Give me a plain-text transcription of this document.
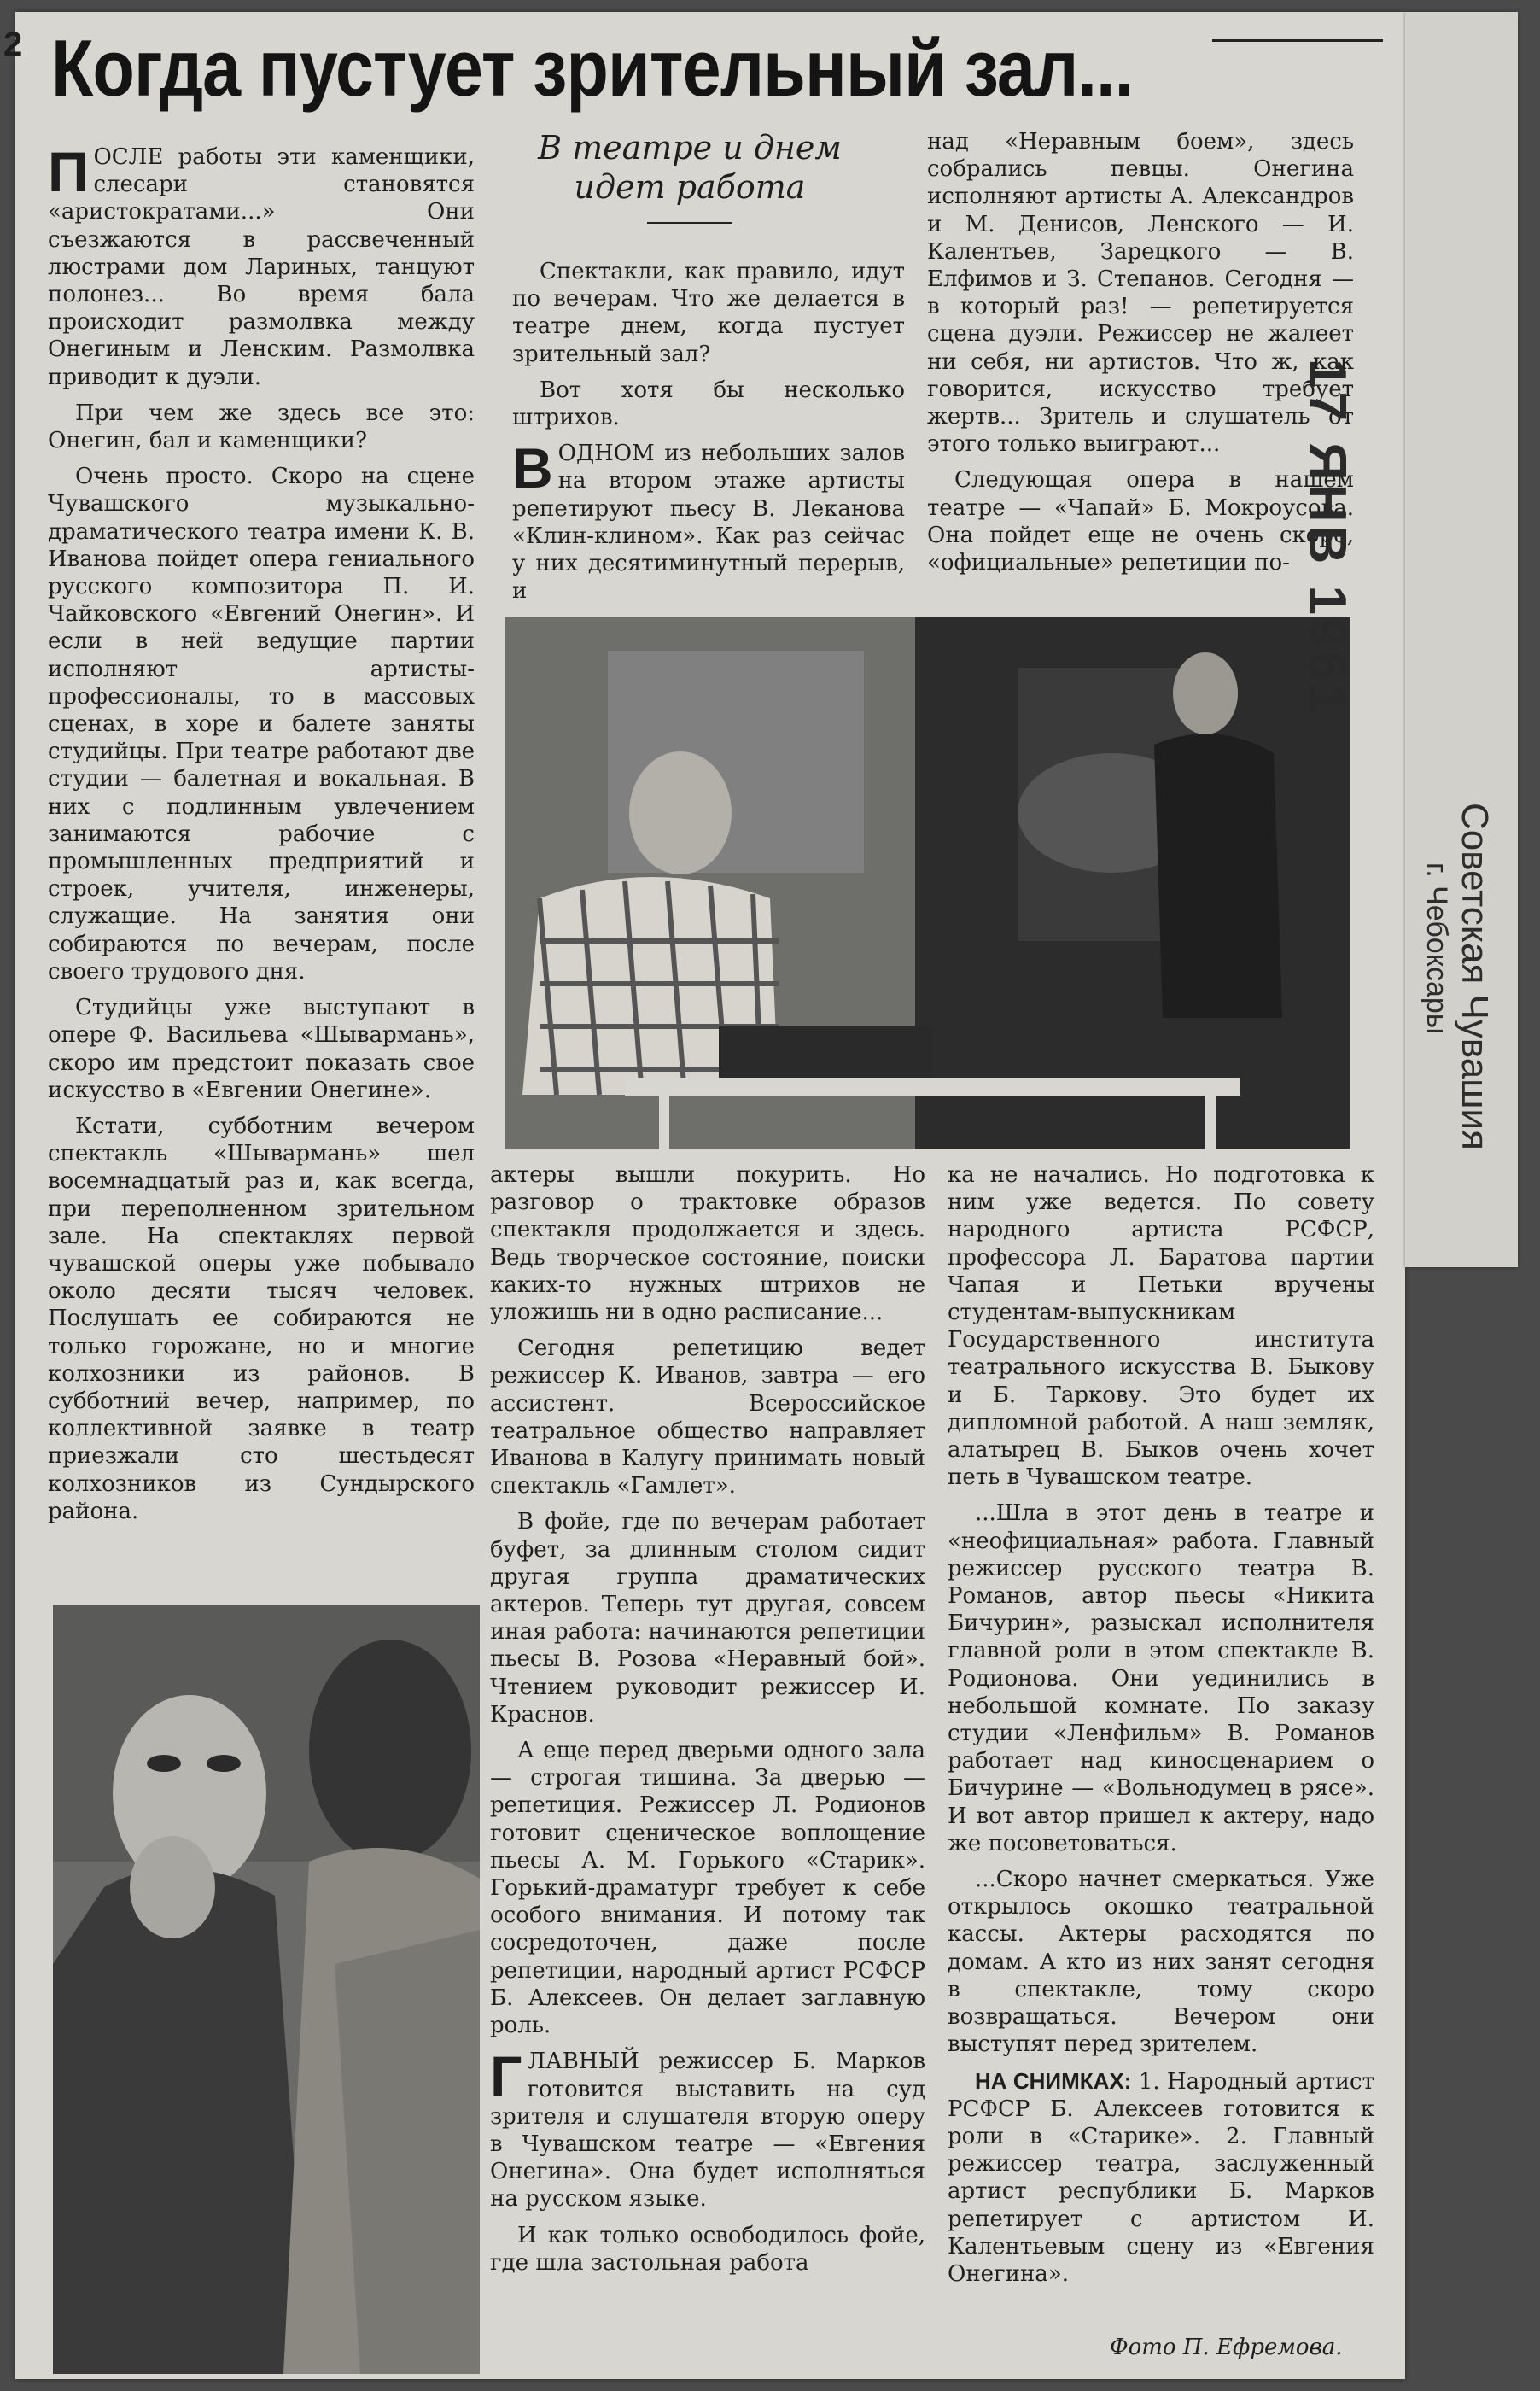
2 Когда пустует зрительный зал...

ПОСЛЕ работы эти каменщики, слесари становятся «аристократами...» Они съезжаются в рассвеченный люстрами дом Лариных, танцуют полонез... Во время бала происходит размолвка между Онегиным и Ленским. Размолвка приводит к дуэли.

При чем же здесь все это: Онегин, бал и каменщики?

Очень просто. Скоро на сцене Чувашского музыкально-драматического театра имени К. В. Иванова пойдет опера гениального русского композитора П. И. Чайковского «Евгений Онегин». И если в ней ведущие партии исполняют артисты-профессионалы, то в массовых сценах, в хоре и балете заняты студийцы. При театре работают две студии — балетная и вокальная. В них с подлинным увлечением занимаются рабочие с промышленных предприятий и строек, учителя, инженеры, служащие. На занятия они собираются по вечерам, после своего трудового дня.

Студийцы уже выступают в опере Ф. Васильева «Шывармань», скоро им предстоит показать свое искусство в «Евгении Онегине».

Кстати, субботним вечером спектакль «Шывармань» шел восемнадцатый раз и, как всегда, при переполненном зрительном зале. На спектаклях первой чувашской оперы уже побывало около десяти тысяч человек. Послушать ее собираются не только горожане, но и многие колхозники из районов. В субботний вечер, например, по коллективной заявке в театр приезжали сто шестьдесят колхозников из Сундырского района.

В театре и днем идет работа

Спектакли, как правило, идут по вечерам. Что же делается в театре днем, когда пустует зрительный зал?

Вот хотя бы несколько штрихов.

ВОДНОМ из небольших залов на втором этаже артисты репетируют пьесу В. Леканова «Клин-клином». Как раз сейчас у них десятиминутный перерыв, и

над «Неравным боем», здесь собрались певцы. Онегина исполняют артисты А. Александров и М. Денисов, Ленского — И. Калентьев, Зарецкого — В. Елфимов и З. Степанов. Сегодня — в который раз! — репетируется сцена дуэли. Режиссер не жалеет ни себя, ни артистов. Что ж, как говорится, искусство требует жертв... Зритель и слушатель от этого только выиграют...

Следующая опера в нашем театре — «Чапай» Б. Мокроусова. Она пойдет еще не очень скоро, «официальные» репетиции по-

актеры вышли покурить. Но разговор о трактовке образов спектакля продолжается и здесь. Ведь творческое состояние, поиски каких-то нужных штрихов не уложишь ни в одно расписание...

Сегодня репетицию ведет режиссер К. Иванов, завтра — его ассистент. Всероссийское театральное общество направляет Иванова в Калугу принимать новый спектакль «Гамлет».

В фойе, где по вечерам работает буфет, за длинным столом сидит другая группа драматических актеров. Теперь тут другая, совсем иная работа: начинаются репетиции пьесы В. Розова «Неравный бой». Чтением руководит режиссер И. Краснов.

А еще перед дверьми одного зала — строгая тишина. За дверью — репетиция. Режиссер Л. Родионов готовит сценическое воплощение пьесы А. М. Горького «Старик». Горький-драматург требует к себе особого внимания. И потому так сосредоточен, даже после репетиции, народный артист РСФСР Б. Алексеев. Он делает заглавную роль.

ГЛАВНЫЙ режиссер Б. Марков готовится выставить на суд зрителя и слушателя вторую оперу в Чувашском театре — «Евгения Онегина». Она будет исполняться на русском языке.

И как только освободилось фойе, где шла застольная работа

ка не начались. Но подготовка к ним уже ведется. По совету народного артиста РСФСР, профессора Л. Баратова партии Чапая и Петьки вручены студентам-выпускникам Государственного института театрального искусства В. Быкову и Б. Таркову. Это будет их дипломной работой. А наш земляк, алатырец В. Быков очень хочет петь в Чувашском театре.

...Шла в этот день в театре и «неофициальная» работа. Главный режиссер русского театра В. Романов, автор пьесы «Никита Бичурин», разыскал исполнителя главной роли в этом спектакле В. Родионова. Они уединились в небольшой комнате. По заказу студии «Ленфильм» В. Романов работает над киносценарием о Бичурине — «Вольнодумец в рясе». И вот автор пришел к актеру, надо же посоветоваться.

...Скоро начнет смеркаться. Уже открылось окошко театральной кассы. Актеры расходятся по домам. А кто из них занят сегодня в спектакле, тому скоро возвращаться. Вечером они выступят перед зрителем.

НА СНИМКАХ: 1. Народный артист РСФСР Б. Алексеев готовится к роли в «Старике». 2. Главный режиссер театра, заслуженный артист республики Б. Марков репетирует с артистом И. Калентьевым сцену из «Евгения Онегина».

Фото П. Ефремова.
17 ЯНВ 1961
Советская Чувашия
г. Чебоксары
